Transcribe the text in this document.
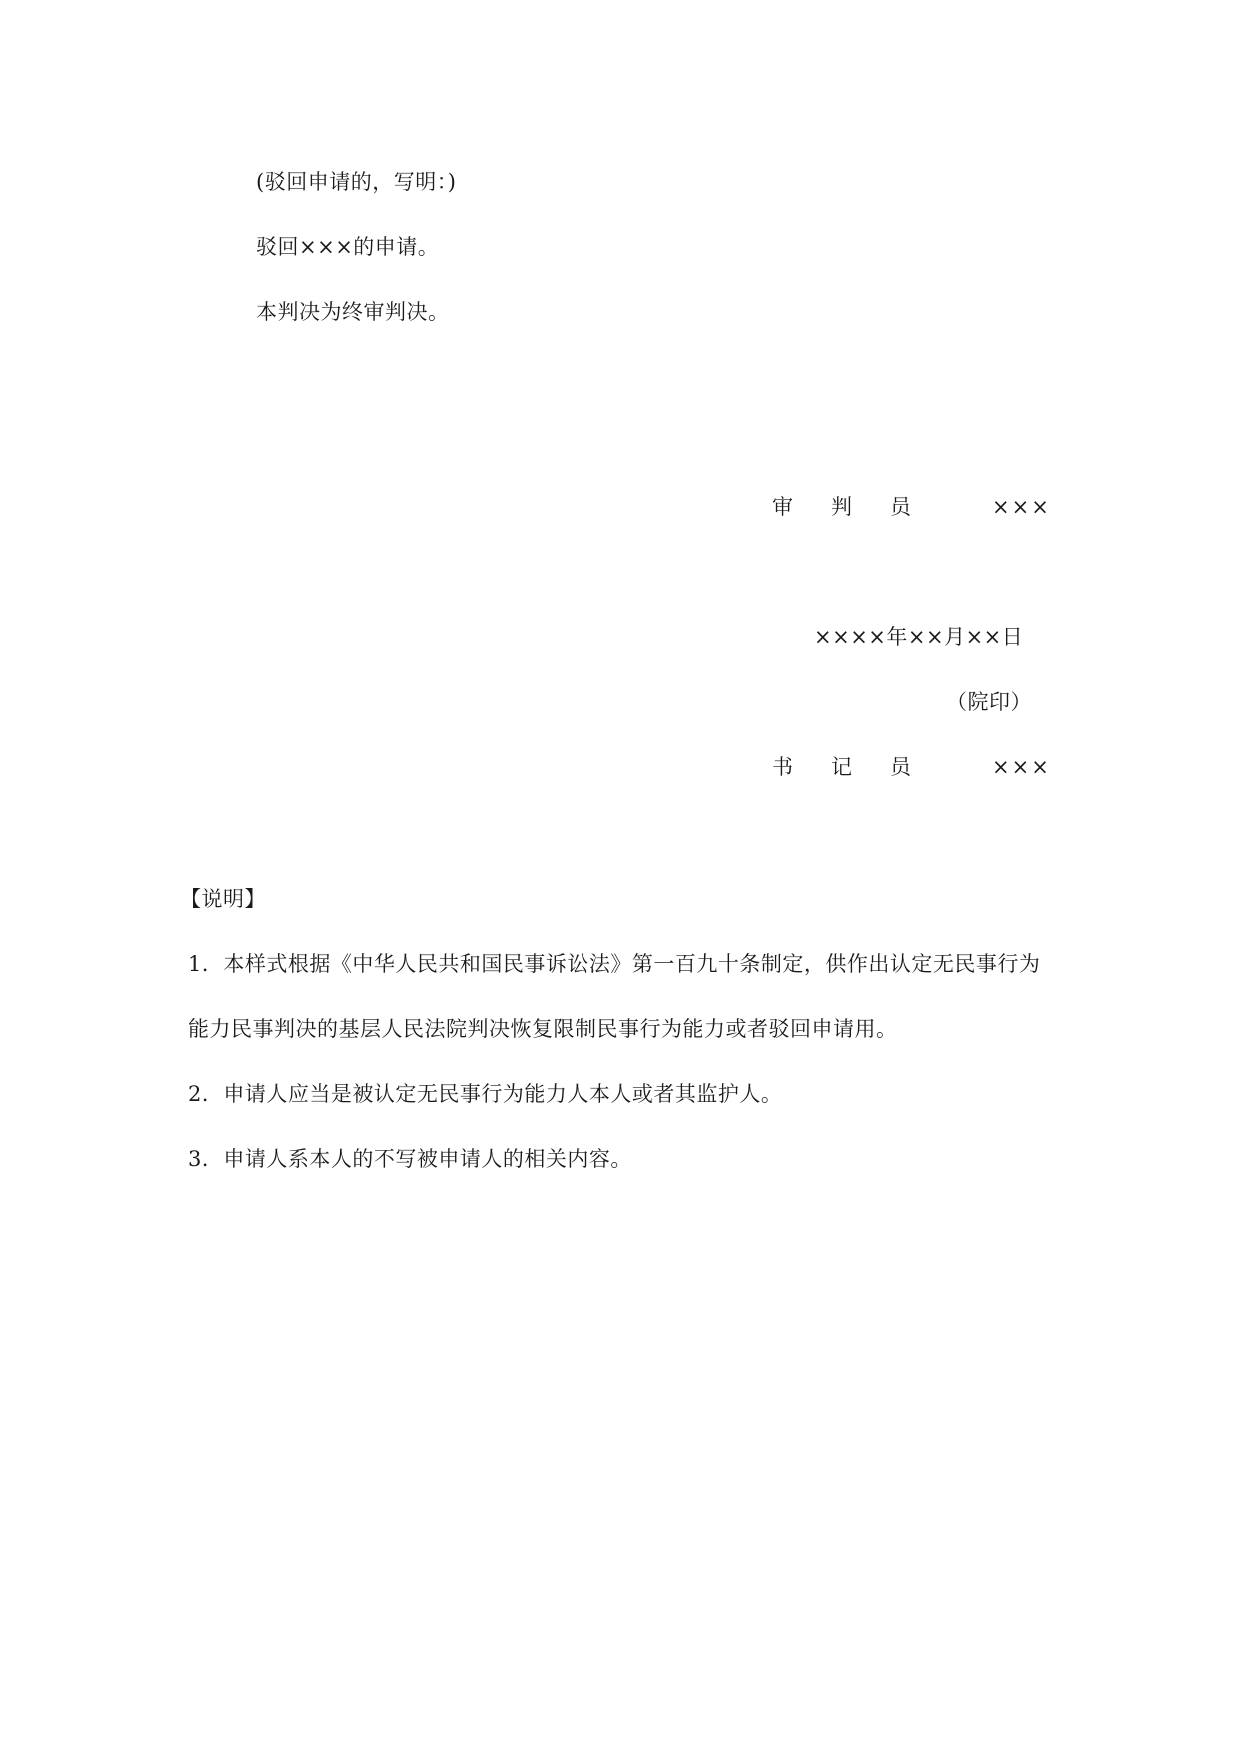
(驳回申请的，写明：)
驳回×××的申请。
本判决为终审判决。
审判员 ×××
××××年××月××日
（院印）
书记员 ×××
【说明】
1．本样式根据《中华人民共和国民事诉讼法》第一百九十条制定，供作出认定无民事行为
能力民事判决的基层人民法院判决恢复限制民事行为能力或者驳回申请用。
2．申请人应当是被认定无民事行为能力人本人或者其监护人。
3．申请人系本人的不写被申请人的相关内容。
